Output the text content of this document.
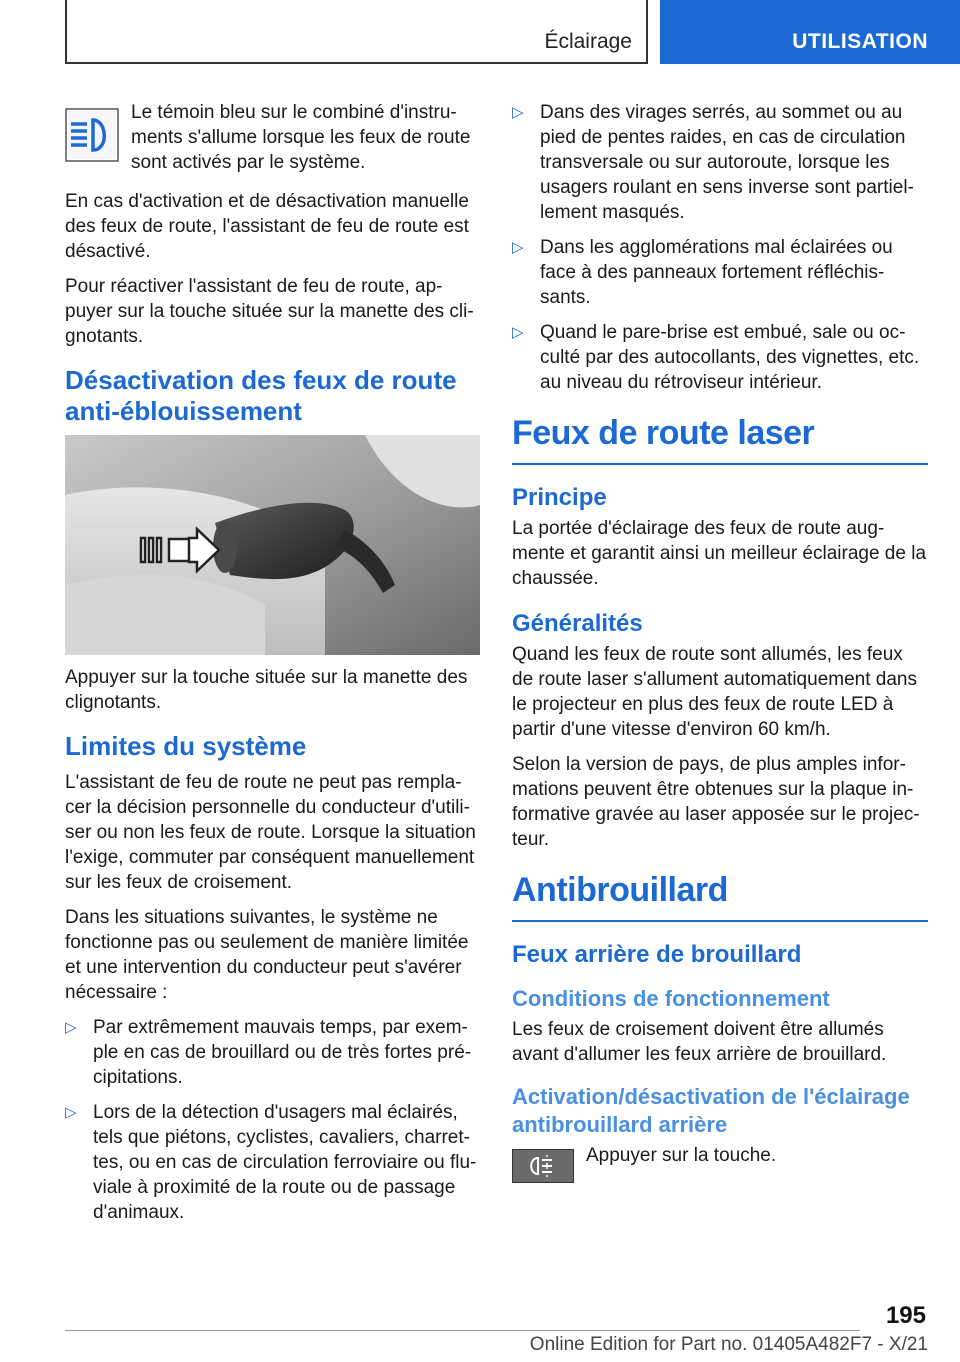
Éclairage	UTILISATION
Le témoin bleu sur le combiné d'instru-ments s'allume lorsque les feux de route sont activés par le système.

En cas d'activation et de désactivation manuelle des feux de route, l'assistant de feu de route est désactivé.

Pour réactiver l'assistant de feu de route, ap-puyer sur la touche située sur la manette des cli-gnotants.

Désactivation des feux de route anti-éblouissement

Appuyer sur la touche située sur la manette des clignotants.

Limites du système

L'assistant de feu de route ne peut pas rempla-cer la décision personnelle du conducteur d'utili-ser ou non les feux de route. Lorsque la situation l'exige, commuter par conséquent manuellement sur les feux de croisement.

Dans les situations suivantes, le système ne fonctionne pas ou seulement de manière limitée et une intervention du conducteur peut s'avérer nécessaire :

▷ Par extrêmement mauvais temps, par exem-ple en cas de brouillard ou de très fortes pré-cipitations.
▷ Lors de la détection d'usagers mal éclairés, tels que piétons, cyclistes, cavaliers, charret-tes, ou en cas de circulation ferroviaire ou flu-viale à proximité de la route ou de passage d'animaux.
▷ Dans des virages serrés, au sommet ou au pied de pentes raides, en cas de circulation transversale ou sur autoroute, lorsque les usagers roulant en sens inverse sont partiel-lement masqués.
▷ Dans les agglomérations mal éclairées ou face à des panneaux fortement réfléchis-sants.
▷ Quand le pare-brise est embué, sale ou oc-culté par des autocollants, des vignettes, etc. au niveau du rétroviseur intérieur.
Feux de route laser
Principe

La portée d'éclairage des feux de route aug-mente et garantit ainsi un meilleur éclairage de la chaussée.

Généralités

Quand les feux de route sont allumés, les feux de route laser s'allument automatiquement dans le projecteur en plus des feux de route LED à partir d'une vitesse d'environ 60 km/h.

Selon la version de pays, de plus amples infor-mations peuvent être obtenues sur la plaque in-formative gravée au laser apposée sur le projec-teur.

Antibrouillard
Feux arrière de brouillard
Conditions de fonctionnement

Les feux de croisement doivent être allumés avant d'allumer les feux arrière de brouillard.

Activation/désactivation de l'éclairage antibrouillard arrière
Appuyer sur la touche.
195
Online Edition for Part no. 01405A482F7 - X/21
